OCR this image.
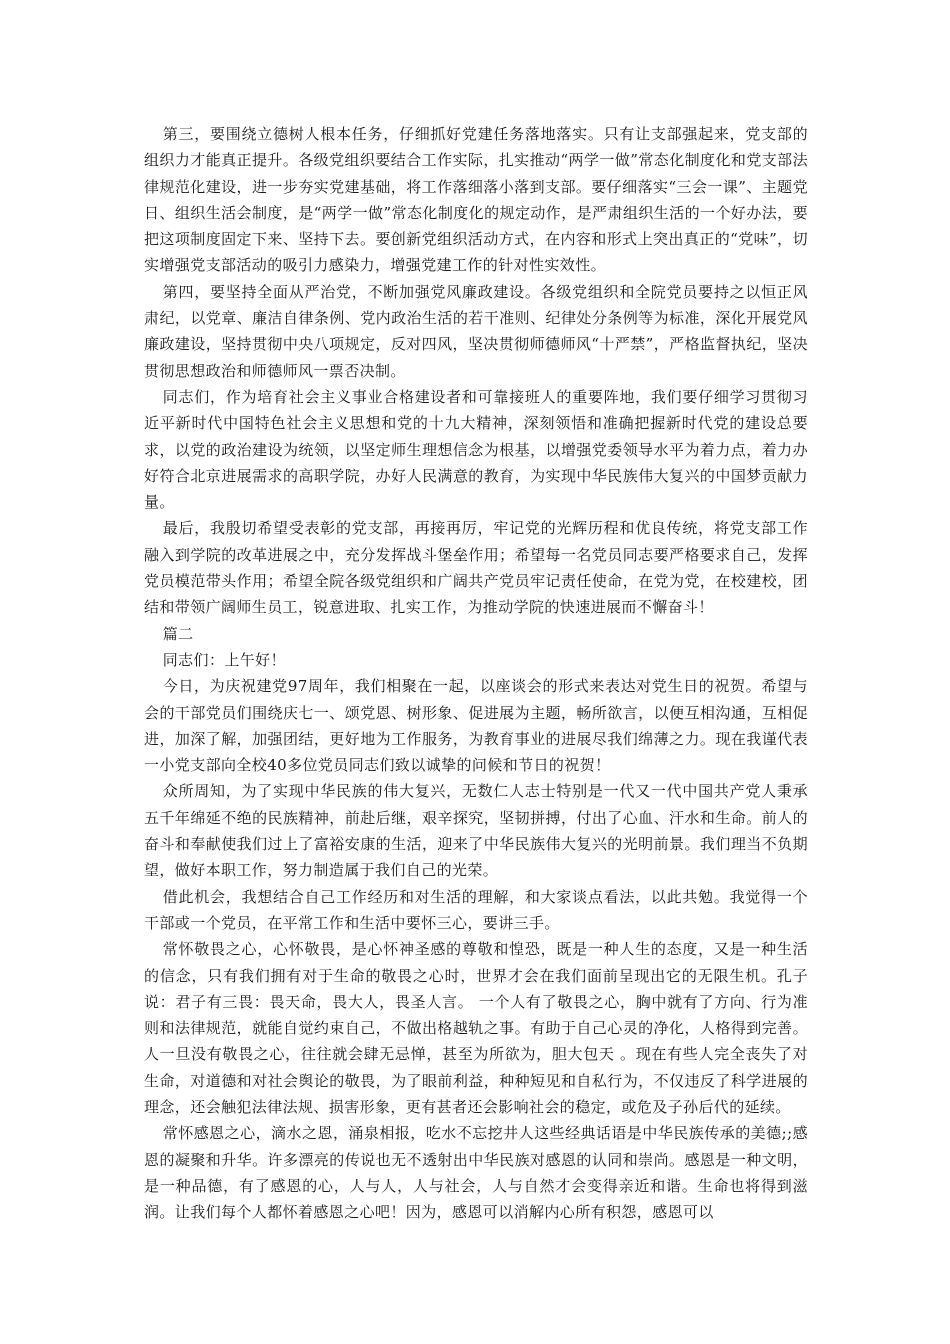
第三，要围绕立德树人根本任务，仔细抓好党建任务落地落实。只有让支部强起来，党支部的组织力才能真正提升。各级党组织要结合工作实际，扎实推动“两学一做”常态化制度化和党支部法律规范化建设，进一步夯实党建基础，将工作落细落小落到支部。要仔细落实“三会一课”、主题党日、组织生活会制度，是“两学一做”常态化制度化的规定动作，是严肃组织生活的一个好办法，要把这项制度固定下来、坚持下去。要创新党组织活动方式，在内容和形式上突出真正的“党味”，切实增强党支部活动的吸引力感染力，增强党建工作的针对性实效性。

第四，要坚持全面从严治党，不断加强党风廉政建设。各级党组织和全院党员要持之以恒正风肃纪，以党章、廉洁自律条例、党内政治生活的若干准则、纪律处分条例等为标准，深化开展党风廉政建设，坚持贯彻中央八项规定，反对四风，坚决贯彻师德师风“十严禁”，严格监督执纪，坚决贯彻思想政治和师德师风一票否决制。

同志们，作为培育社会主义事业合格建设者和可靠接班人的重要阵地，我们要仔细学习贯彻习近平新时代中国特色社会主义思想和党的十九大精神，深刻领悟和准确把握新时代党的建设总要求，以党的政治建设为统领，以坚定师生理想信念为根基，以增强党委领导水平为着力点，着力办好符合北京进展需求的高职学院，办好人民满意的教育，为实现中华民族伟大复兴的中国梦贡献力量。

最后，我殷切希望受表彰的党支部，再接再厉，牢记党的光辉历程和优良传统，将党支部工作融入到学院的改革进展之中，充分发挥战斗堡垒作用；希望每一名党员同志要严格要求自己，发挥党员模范带头作用；希望全院各级党组织和广阔共产党员牢记责任使命，在党为党，在校建校，团结和带领广阔师生员工，锐意进取、扎实工作，为推动学院的快速进展而不懈奋斗！

篇二

同志们：上午好！

今日，为庆祝建党97周年，我们相聚在一起，以座谈会的形式来表达对党生日的祝贺。希望与会的干部党员们围绕庆七一、颂党恩、树形象、促进展为主题，畅所欲言，以便互相沟通，互相促进，加深了解，加强团结，更好地为工作服务，为教育事业的进展尽我们绵薄之力。现在我谨代表一小党支部向全校40多位党员同志们致以诚挚的问候和节日的祝贺！

众所周知，为了实现中华民族的伟大复兴，无数仁人志士特别是一代又一代中国共产党人秉承五千年绵延不绝的民族精神，前赴后继，艰辛探究，坚韧拼搏，付出了心血、汗水和生命。前人的奋斗和奉献使我们过上了富裕安康的生活，迎来了中华民族伟大复兴的光明前景。我们理当不负期望，做好本职工作，努力制造属于我们自己的光荣。

借此机会，我想结合自己工作经历和对生活的理解，和大家谈点看法，以此共勉。我觉得一个干部或一个党员，在平常工作和生活中要怀三心，要讲三手。

常怀敬畏之心，心怀敬畏，是心怀神圣感的尊敬和惶恐，既是一种人生的态度，又是一种生活的信念，只有我们拥有对于生命的敬畏之心时，世界才会在我们面前呈现出它的无限生机。孔子说：君子有三畏：畏天命，畏大人，畏圣人言。 一个人有了敬畏之心，胸中就有了方向、行为准则和法律规范，就能自觉约束自己，不做出格越轨之事。有助于自己心灵的净化，人格得到完善。人一旦没有敬畏之心，往往就会肆无忌惮，甚至为所欲为，胆大包天 。现在有些人完全丧失了对生命，对道德和对社会舆论的敬畏，为了眼前利益，种种短见和自私行为，不仅违反了科学进展的理念，还会触犯法律法规、损害形象，更有甚者还会影响社会的稳定，或危及子孙后代的延续。

常怀感恩之心，滴水之恩，涌泉相报，吃水不忘挖井人这些经典话语是中华民族传承的美德;;感恩的凝聚和升华。许多漂亮的传说也无不透射出中华民族对感恩的认同和崇尚。感恩是一种文明，是一种品德，有了感恩的心，人与人，人与社会，人与自然才会变得亲近和谐。生命也将得到滋润。让我们每个人都怀着感恩之心吧！因为，感恩可以消解内心所有积怨，感恩可以
